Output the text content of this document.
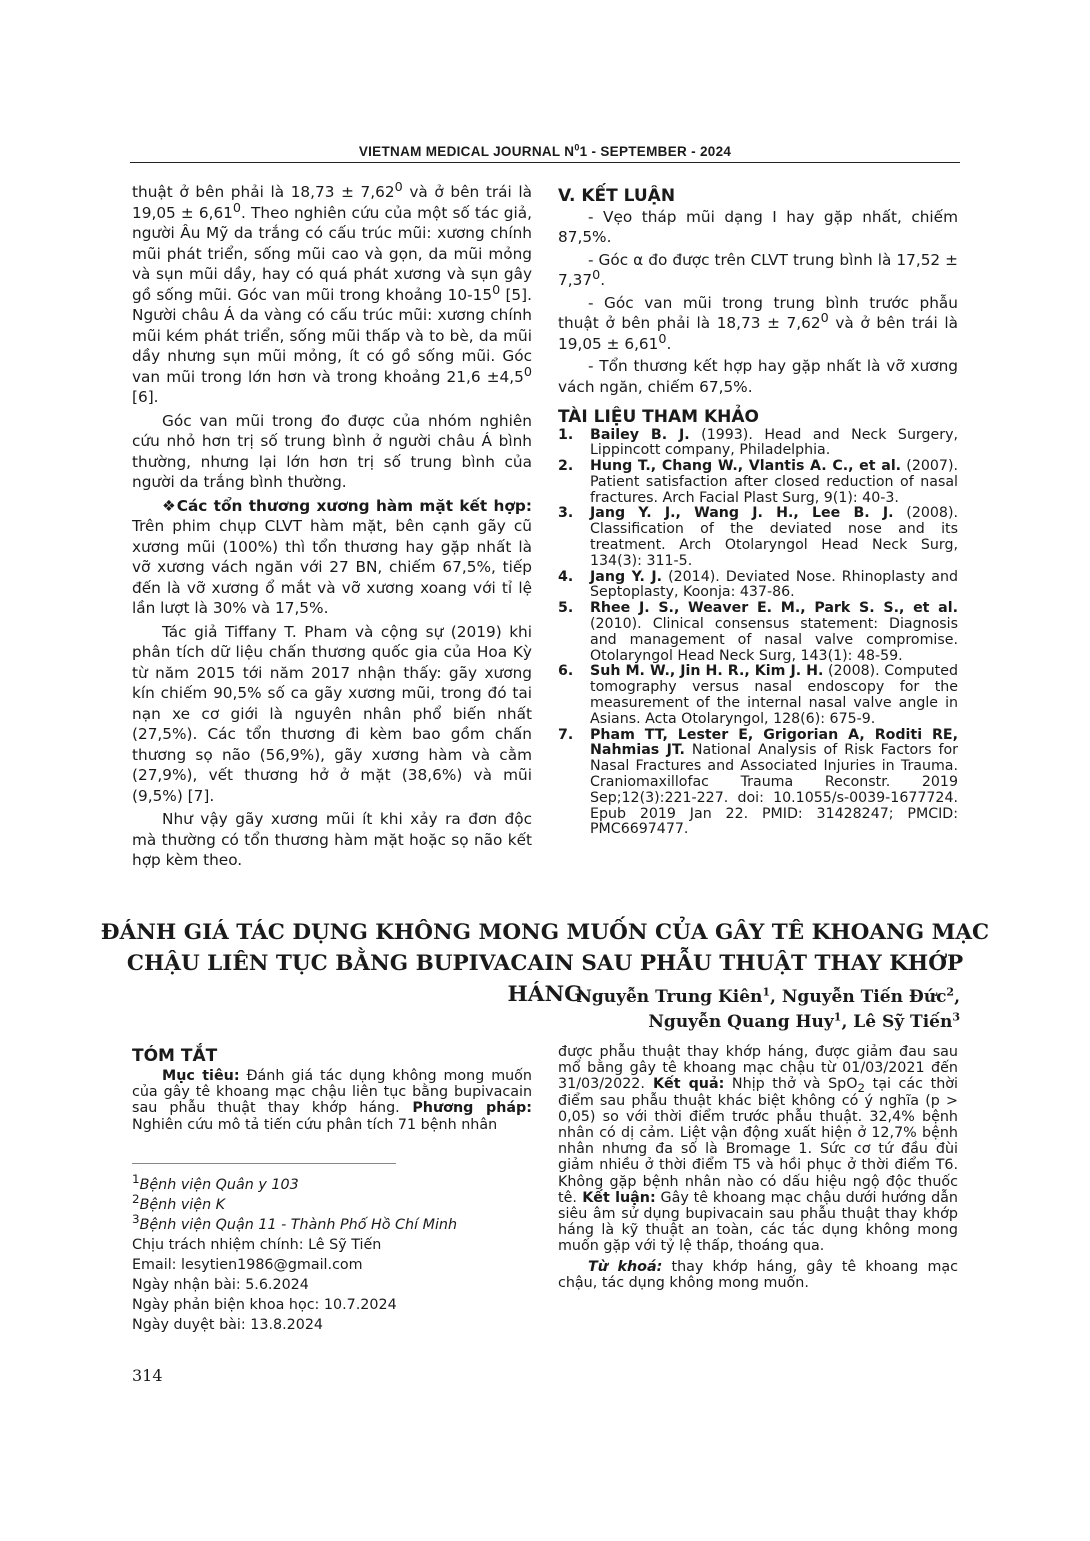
VIETNAM MEDICAL JOURNAL $N^01$ - SEPTEMBER - 2024

thuật ở bên phải là $18,73 \pm 7,62^0$ và ở bên trái là $19,05 \pm 6,61^0$. Theo nghiên cứu của một số tác giả, người Âu Mỹ da trắng có cấu trúc mũi: xương chính mũi phát triển, sống mũi cao và gọn, da mũi mỏng và sụn mũi dầy, hay có quá phát xương và sụn gây gồ sống mũi. Góc van mũi trong khoảng $10-15^0$ [5]. Người châu Á da vàng có cấu trúc mũi: xương chính mũi kém phát triển, sống mũi thấp và to bè, da mũi dầy nhưng sụn mũi mỏng, ít có gồ sống mũi. Góc van mũi trong lớn hơn và trong khoảng $21,6 \pm 4,5^0$ [6].

Góc van mũi trong đo được của nhóm nghiên cứu nhỏ hơn trị số trung bình ở người châu Á bình thường, nhưng lại lớn hơn trị số trung bình của người da trắng bình thường.

❖Các tổn thương xương hàm mặt kết hợp: Trên phim chụp CLVT hàm mặt, bên cạnh gãy cũ xương mũi (100%) thì tổn thương hay gặp nhất là vỡ xương vách ngăn với 27 BN, chiếm 67,5%, tiếp đến là vỡ xương ổ mắt và vỡ xương xoang với tỉ lệ lần lượt là 30% và 17,5%.

Tác giả Tiffany T. Pham và cộng sự (2019) khi phân tích dữ liệu chấn thương quốc gia của Hoa Kỳ từ năm 2015 tới năm 2017 nhận thấy: gãy xương kín chiếm 90,5% số ca gãy xương mũi, trong đó tai nạn xe cơ giới là nguyên nhân phổ biến nhất (27,5%). Các tổn thương đi kèm bao gồm chấn thương sọ não (56,9%), gãy xương hàm và cằm (27,9%), vết thương hở ở mặt (38,6%) và mũi (9,5%) [7].

Như vậy gãy xương mũi ít khi xảy ra đơn độc mà thường có tổn thương hàm mặt hoặc sọ não kết hợp kèm theo.

V. KẾT LUẬN

- Vẹo tháp mũi dạng I hay gặp nhất, chiếm 87,5%.

- Góc α đo được trên CLVT trung bình là $17,52 \pm 7,37^0$.

- Góc van mũi trong trung bình trước phẫu thuật ở bên phải là $18,73 \pm 7,62^0$ và ở bên trái là $19,05 \pm 6,61^0$.

- Tổn thương kết hợp hay gặp nhất là vỡ xương vách ngăn, chiếm 67,5%.

TÀI LIỆU THAM KHẢO

1. Bailey B. J. (1993). Head and Neck Surgery, Lippincott company, Philadelphia.

2. Hung T., Chang W., Vlantis A. C., et al. (2007). Patient satisfaction after closed reduction of nasal fractures. Arch Facial Plast Surg, 9(1): 40-3.

3. Jang Y. J., Wang J. H., Lee B. J. (2008). Classification of the deviated nose and its treatment. Arch Otolaryngol Head Neck Surg, 134(3): 311-5.

4. Jang Y. J. (2014). Deviated Nose. Rhinoplasty and Septoplasty, Koonja: 437-86.

5. Rhee J. S., Weaver E. M., Park S. S., et al. (2010). Clinical consensus statement: Diagnosis and management of nasal valve compromise. Otolaryngol Head Neck Surg, 143(1): 48-59.

6. Suh M. W., Jin H. R., Kim J. H. (2008). Computed tomography versus nasal endoscopy for the measurement of the internal nasal valve angle in Asians. Acta Otolaryngol, 128(6): 675-9.

7. Pham TT, Lester E, Grigorian A, Roditi RE, Nahmias JT. National Analysis of Risk Factors for Nasal Fractures and Associated Injuries in Trauma. Craniomaxillofac Trauma Reconstr. 2019 Sep;12(3):221-227. doi: 10.1055/s-0039-1677724. Epub 2019 Jan 22. PMID: 31428247; PMCID: PMC6697477.

ĐÁNH GIÁ TÁC DỤNG KHÔNG MONG MUỐN CỦA GÂY TÊ KHOANG MẠC
CHẬU LIÊN TỤC BẰNG BUPIVACAIN SAU PHẪU THUẬT THAY KHỚP HÁNG
Nguyễn Trung Kiên$^1$, Nguyễn Tiến Đức$^2$,
Nguyễn Quang Huy$^1$, Lê Sỹ Tiến$^3$
TÓM TẮT

Mục tiêu: Đánh giá tác dụng không mong muốn của gây tê khoang mạc chậu liên tục bằng bupivacain sau phẫu thuật thay khớp háng. Phương pháp: Nghiên cứu mô tả tiến cứu phân tích 71 bệnh nhân

$^1$Bệnh viện Quân y 103

$^2$Bệnh viện K

$^3$Bệnh viện Quận 11 - Thành Phố Hồ Chí Minh

Chịu trách nhiệm chính: Lê Sỹ Tiến

Email: lesytien1986@gmail.com

Ngày nhận bài: 5.6.2024

Ngày phản biện khoa học: 10.7.2024

Ngày duyệt bài: 13.8.2024

được phẫu thuật thay khớp háng, được giảm đau sau mổ bằng gây tê khoang mạc chậu từ 01/03/2021 đến 31/03/2022. Kết quả: Nhịp thở và SpO$_2$ tại các thời điểm sau phẫu thuật khác biệt không có ý nghĩa (p > 0,05) so với thời điểm trước phẫu thuật. 32,4% bệnh nhân có dị cảm. Liệt vận động xuất hiện ở 12,7% bệnh nhân nhưng đa số là Bromage 1. Sức cơ tứ đầu đùi giảm nhiều ở thời điểm T5 và hồi phục ở thời điểm T6. Không gặp bệnh nhân nào có dấu hiệu ngộ độc thuốc tê. Kết luận: Gây tê khoang mạc chậu dưới hướng dẫn siêu âm sử dụng bupivacain sau phẫu thuật thay khớp háng là kỹ thuật an toàn, các tác dụng không mong muốn gặp với tỷ lệ thấp, thoáng qua.

Từ khoá: thay khớp háng, gây tê khoang mạc chậu, tác dụng không mong muốn.

314
